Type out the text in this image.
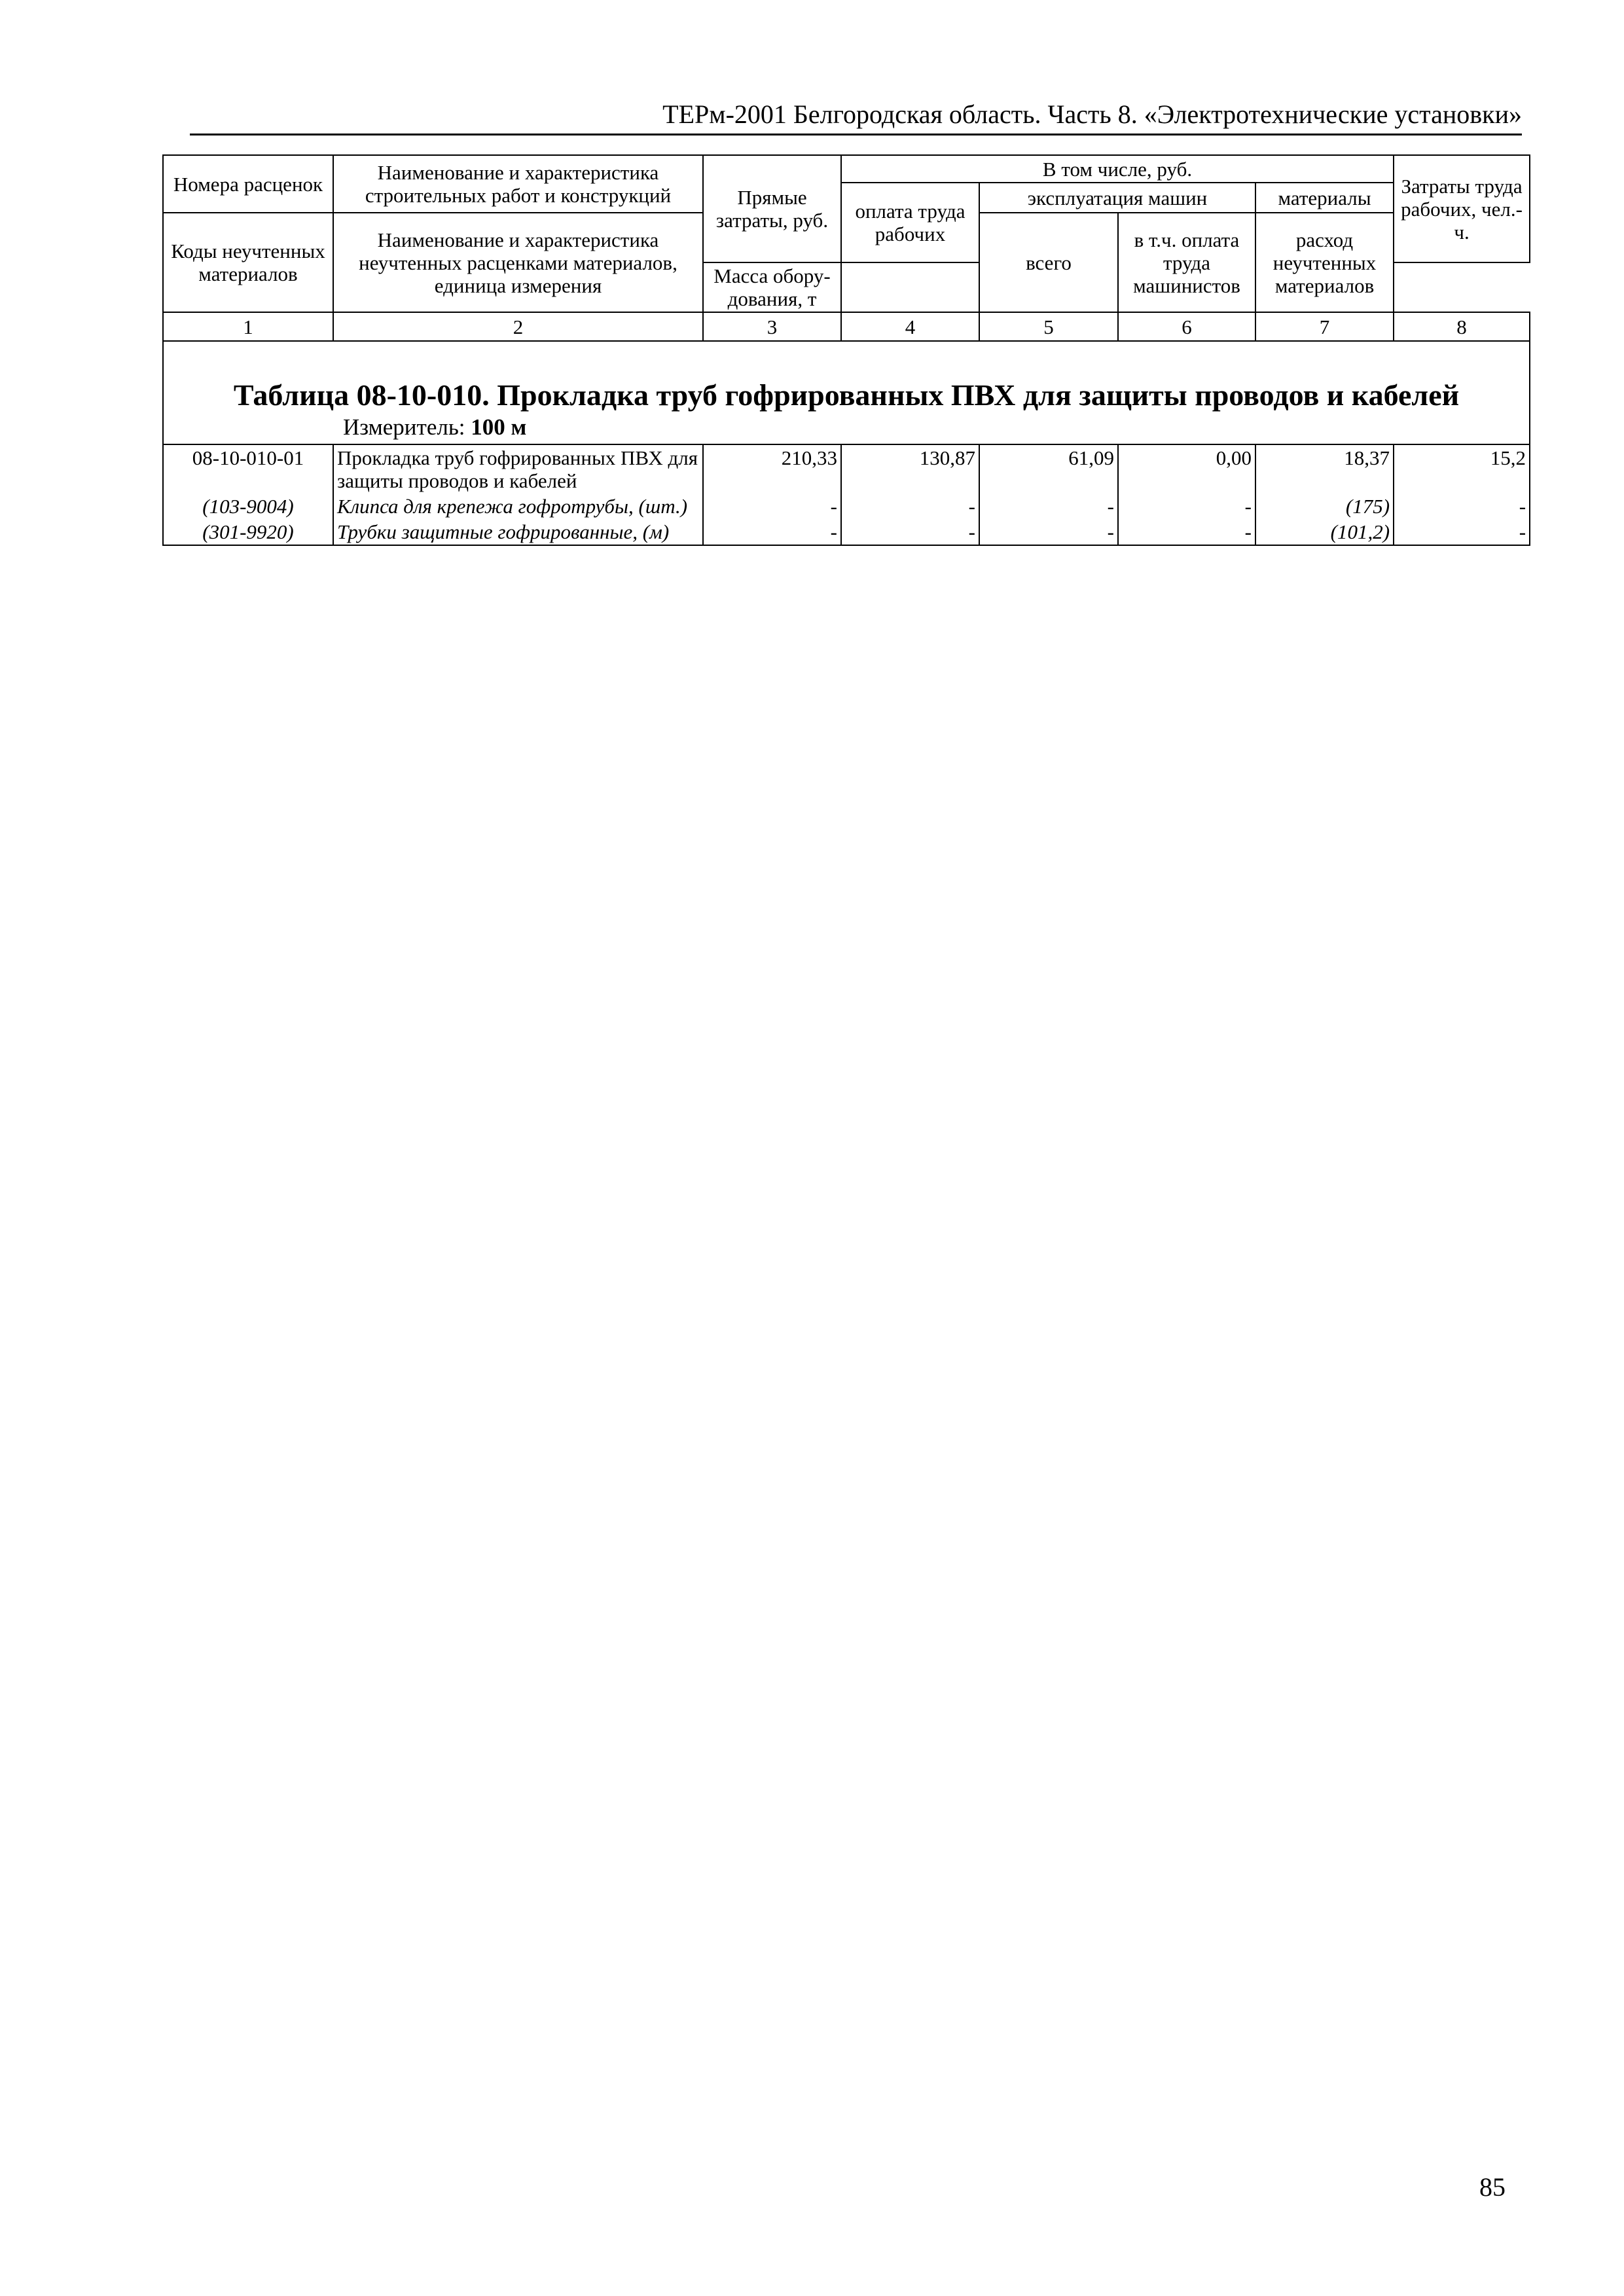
ТЕРм-2001 Белгородская область. Часть 8. «Электротехнические установки»
Номера расценок	Наименование и характеристика строительных работ и конструкций	Прямые затраты, руб.	В том числе, руб.				Затраты труда рабочих, чел.-ч.
			оплата труда рабочих	эксплуатация машин		материалы	
Коды неучтенных материалов	Наименование и характеристика неучтенных расценками материалов, единица измерения			всего	в т.ч. оплата труда машинистов	расход неучтенных материалов	
		Масса обору-дования, т					
1	2	3	4	5	6	7	8

Таблица 08-10-010. Прокладка труб гофрированных ПВХ для защиты проводов и кабелей
Измеритель: 100 м							

08-10-010-01	Прокладка труб гофрированных ПВХ для защиты проводов и кабелей	210,33	130,87	61,09	0,00	18,37	15,2
(103-9004)	Клипса для крепежа гофротрубы, (шт.)	-	-	-	-	(175)	-
(301-9920)	Трубки защитные гофрированные, (м)	-	-	-	-	(101,2)	-
85
